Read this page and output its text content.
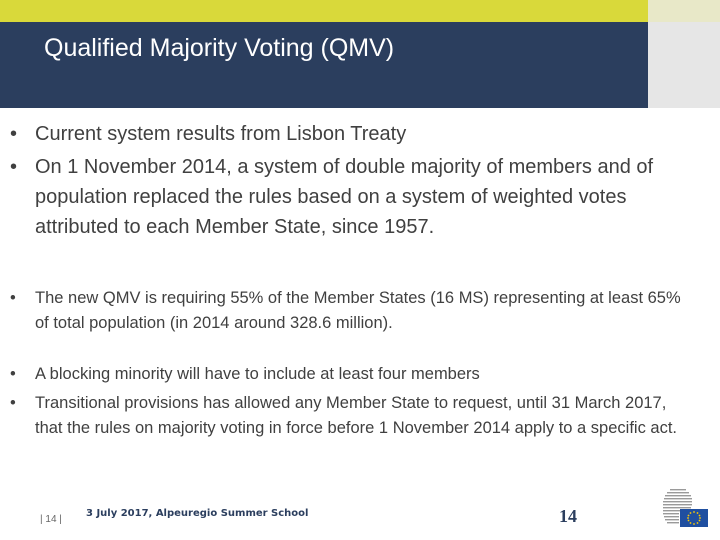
Qualified Majority Voting (QMV)
• Current system results from Lisbon Treaty
• On 1 November 2014, a system of double majority of members and of population replaced the rules based on a system of weighted votes attributed to each Member State, since 1957.
• The new QMV is requiring 55% of the Member States (16 MS) representing at least 65% of total population (in 2014 around 328.6 million).
• A blocking minority will have to include at least four members
• Transitional provisions has allowed any Member State to request, until 31 March 2017, that the rules on majority voting in force before 1 November 2014 apply to a specific act.
| 14 |
3 July 2017, Alpeuregio Summer School	14
